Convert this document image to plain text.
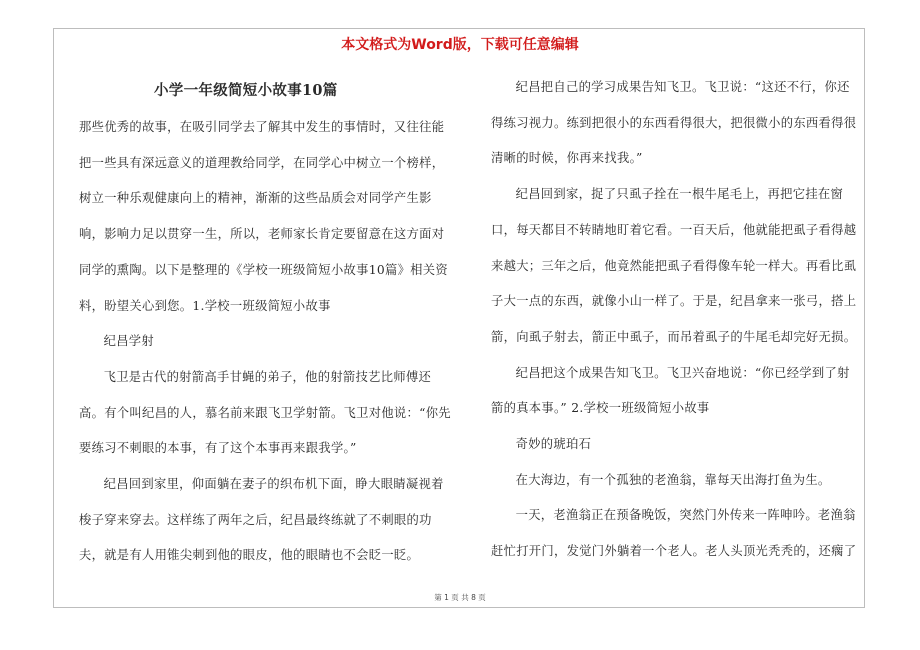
本文格式为Word版，下载可任意编辑
小学一年级简短小故事10篇

那些优秀的故事，在吸引同学去了解其中发生的事情时，又往往能把一些具有深远意义的道理教给同学，在同学心中树立一个榜样，树立一种乐观健康向上的精神，渐渐的这些品质会对同学产生影响，影响力足以贯穿一生，所以，老师家长肯定要留意在这方面对同学的熏陶。以下是整理的《学校一班级简短小故事10篇》相关资料，盼望关心到您。1.学校一班级简短小故事

纪昌学射

飞卫是古代的射箭高手甘蝇的弟子，他的射箭技艺比师傅还高。有个叫纪昌的人，慕名前来跟飞卫学射箭。飞卫对他说：“你先要练习不刺眼的本事，有了这个本事再来跟我学。”

纪昌回到家里，仰面躺在妻子的织布机下面，睁大眼睛凝视着梭子穿来穿去。这样练了两年之后，纪昌最终练就了不刺眼的功夫，就是有人用锥尖刺到他的眼皮，他的眼睛也不会眨一眨。

纪昌把自己的学习成果告知飞卫。飞卫说：“这还不行，你还得练习视力。练到把很小的东西看得很大，把很微小的东西看得很清晰的时候，你再来找我。”

纪昌回到家，捉了只虱子拴在一根牛尾毛上，再把它挂在窗口，每天都目不转睛地盯着它看。一百天后，他就能把虱子看得越来越大；三年之后，他竟然能把虱子看得像车轮一样大。再看比虱子大一点的东西，就像小山一样了。于是，纪昌拿来一张弓，搭上箭，向虱子射去，箭正中虱子，而吊着虱子的牛尾毛却完好无损。

纪昌把这个成果告知飞卫。飞卫兴奋地说：“你已经学到了射箭的真本事。” 2.学校一班级简短小故事

奇妙的琥珀石

在大海边，有一个孤独的老渔翁，靠每天出海打鱼为生。

一天，老渔翁正在预备晚饭，突然门外传来一阵呻吟。老渔翁赶忙打开门，发觉门外躺着一个老人。老人头顶光秃秃的，还瘸了

第 1 页 共 8 页
